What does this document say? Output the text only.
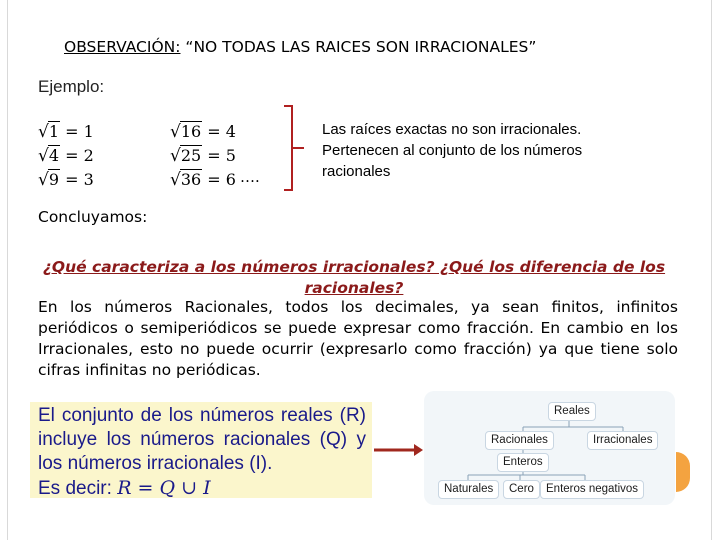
OBSERVACIÓN: “NO TODAS LAS RAICES SON IRRACIONALES”
Ejemplo:
√1 = 1
√4 = 2
√9 = 3
√16 = 4
√25 = 5
√36 = 6 ….
Las raíces exactas no son irracionales.
Pertenecen al conjunto de los números
racionales
Concluyamos:
¿Qué caracteriza a los números irracionales? ¿Qué los diferencia de los racionales?
En los números Racionales, todos los decimales, ya sean finitos, infinitos periódicos o semiperiódicos se puede expresar como fracción. En cambio en los Irracionales, esto no puede ocurrir (expresarlo como fracción) ya que tiene solo cifras infinitas no periódicas.
El conjunto de los números reales (R)
incluye los números racionales (Q) y
los números irracionales (I).
Es decir: R = Q ∪ I
Reales
Racionales	Irracionales
Enteros
Naturales	Cero	Enteros negativos
